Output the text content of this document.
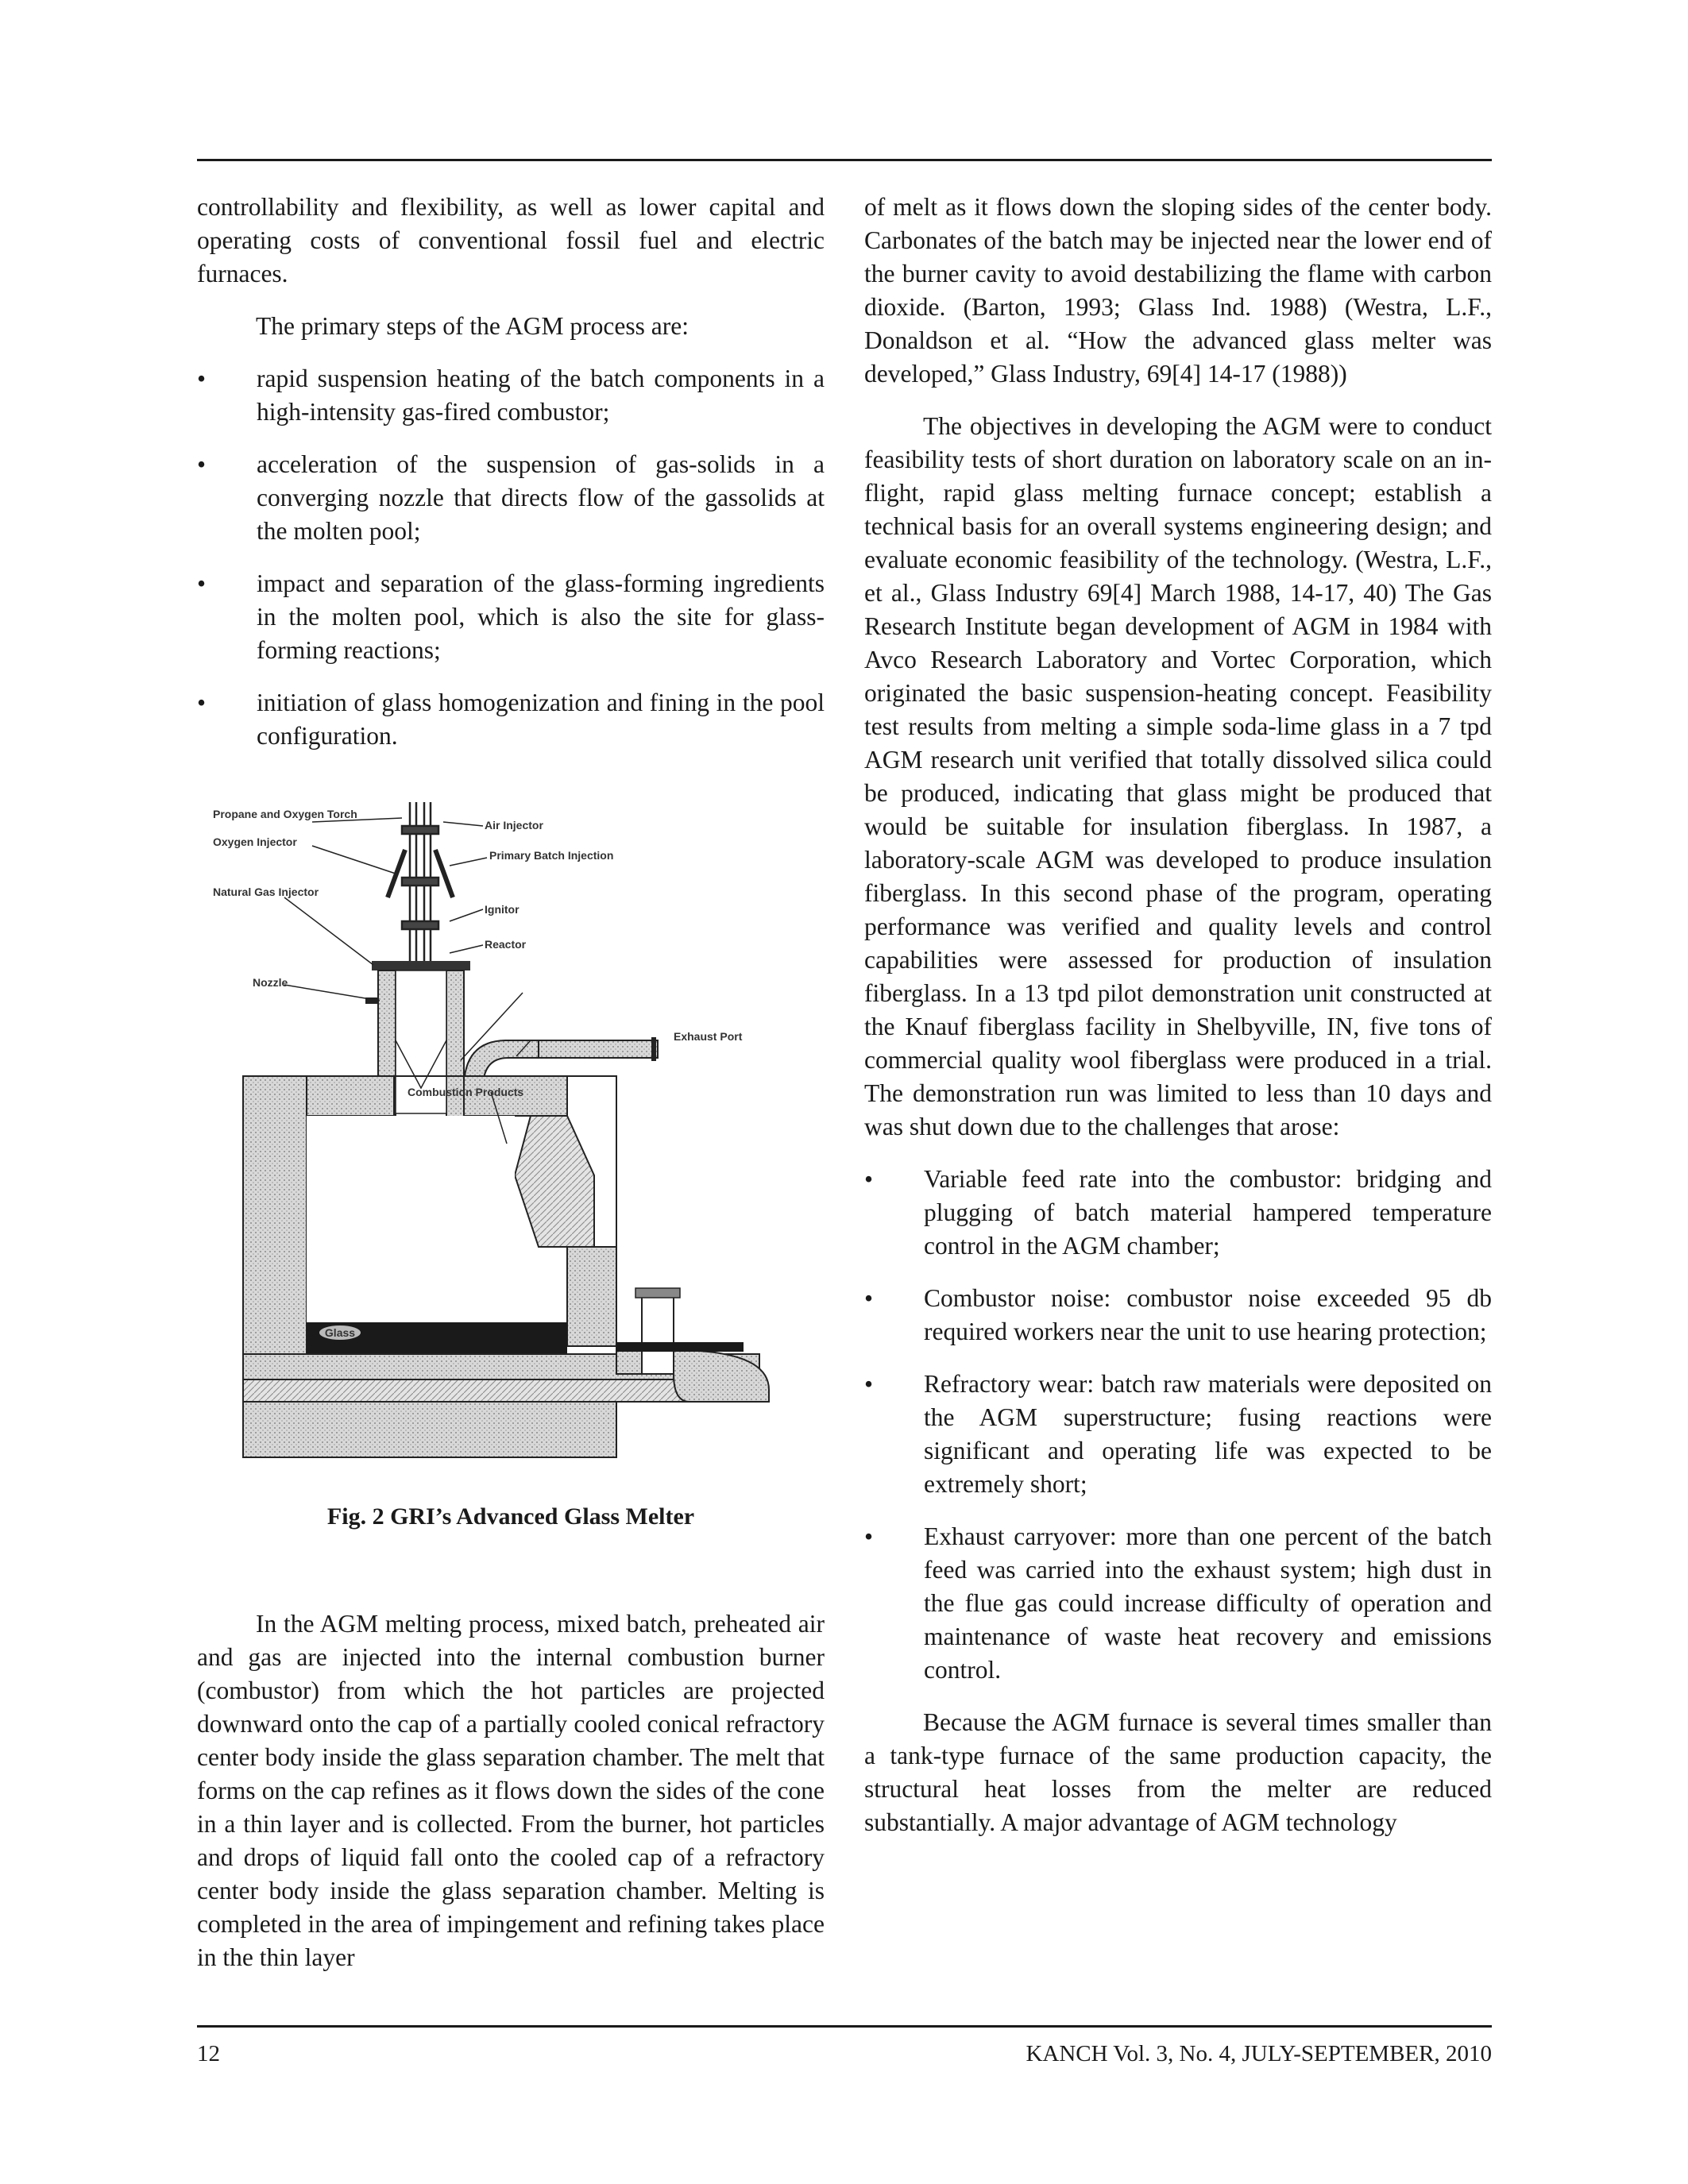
controllability and flexibility, as well as lower capital and operating costs of conventional fossil fuel and electric furnaces.

The primary steps of the AGM process are:

• rapid suspension heating of the batch components in a high-intensity gas-fired combustor;
• acceleration of the suspension of gas-solids in a converging nozzle that directs flow of the gassolids at the molten pool;
• impact and separation of the glass-forming ingredients in the molten pool, which is also the site for glass-forming reactions;
• initiation of glass homogenization and fining in the pool configuration.
Glass
Propane and Oxygen Torch
Oxygen Injector
Air Injector
Primary Batch Injection
Natural Gas Injector
Ignitor
Reactor
Nozzle
Exhaust Port
Combustion Products
Fig. 2 GRI’s Advanced Glass Melter

In the AGM melting process, mixed batch, preheated air and gas are injected into the internal combustion burner (combustor) from which the hot particles are projected downward onto the cap of a partially cooled conical refractory center body inside the glass separation chamber. The melt that forms on the cap refines as it flows down the sides of the cone in a thin layer and is collected. From the burner, hot particles and drops of liquid fall onto the cooled cap of a refractory center body inside the glass separation chamber. Melting is completed in the area of impingement and refining takes place in the thin layer

of melt as it flows down the sloping sides of the center body. Carbonates of the batch may be injected near the lower end of the burner cavity to avoid destabilizing the flame with carbon dioxide. (Barton, 1993; Glass Ind. 1988) (Westra, L.F., Donaldson et al. “How the advanced glass melter was developed,” Glass Industry, 69[4] 14-17 (1988))

The objectives in developing the AGM were to conduct feasibility tests of short duration on laboratory scale on an in-flight, rapid glass melting furnace concept; establish a technical basis for an overall systems engineering design; and evaluate economic feasibility of the technology. (Westra, L.F., et al., Glass Industry 69[4] March 1988, 14-17, 40) The Gas Research Institute began development of AGM in 1984 with Avco Research Laboratory and Vortec Corporation, which originated the basic suspension-heating concept. Feasibility test results from melting a simple soda-lime glass in a 7 tpd AGM research unit verified that totally dissolved silica could be produced, indicating that glass might be produced that would be suitable for insulation fiberglass. In 1987, a laboratory-scale AGM was developed to produce insulation fiberglass. In this second phase of the program, operating performance was verified and quality levels and control capabilities were assessed for production of insulation fiberglass. In a 13 tpd pilot demonstration unit constructed at the Knauf fiberglass facility in Shelbyville, IN, five tons of commercial quality wool fiberglass were produced in a trial. The demonstration run was limited to less than 10 days and was shut down due to the challenges that arose:

• Variable feed rate into the combustor: bridging and plugging of batch material hampered temperature control in the AGM chamber;
• Combustor noise: combustor noise exceeded 95 db required workers near the unit to use hearing protection;
• Refractory wear: batch raw materials were deposited on the AGM superstructure; fusing reactions were significant and operating life was expected to be extremely short;
• Exhaust carryover: more than one percent of the batch feed was carried into the exhaust system; high dust in the flue gas could increase difficulty of operation and maintenance of waste heat recovery and emissions control.

Because the AGM furnace is several times smaller than a tank-type furnace of the same production capacity, the structural heat losses from the melter are reduced substantially. A major advantage of AGM technology

12	KANCH Vol. 3, No. 4, JULY-SEPTEMBER, 2010
